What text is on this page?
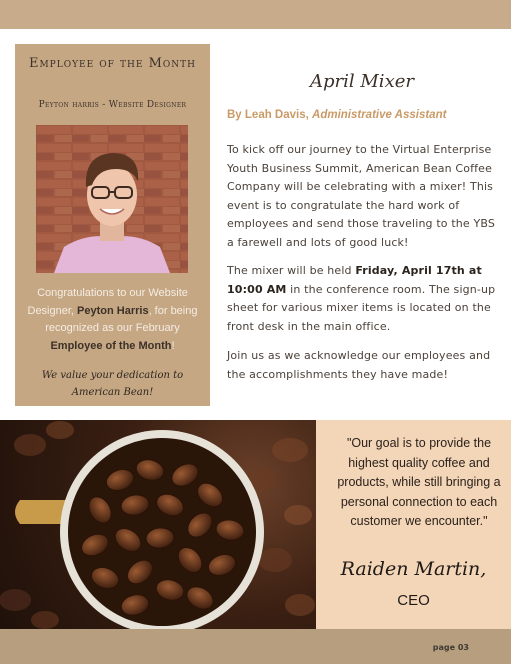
Employee of the Month
Peyton harris - Website Designer
Congratulations to our Website Designer, Peyton Harris, for being recognized as our February Employee of the Month!
We value your dedication to
American Bean!
April Mixer
By Leah Davis, Administrative Assistant
To kick off our journey to the Virtual Enterprise Youth Business Summit, American Bean Coffee Company will be celebrating with a mixer! This event is to congratulate the hard work of employees and send those traveling to the YBS a farewell and lots of good luck!
The mixer will be held Friday, April 17th at 10:00 AM in the conference room. The sign-up sheet for various mixer items is located on the front desk in the main office.
Join us as we acknowledge our employees and the accomplishments they have made!
"Our goal is to provide the highest quality coffee and products, while still bringing a personal connection to each customer we encounter."
Raiden Martin,
CEO
page 03
